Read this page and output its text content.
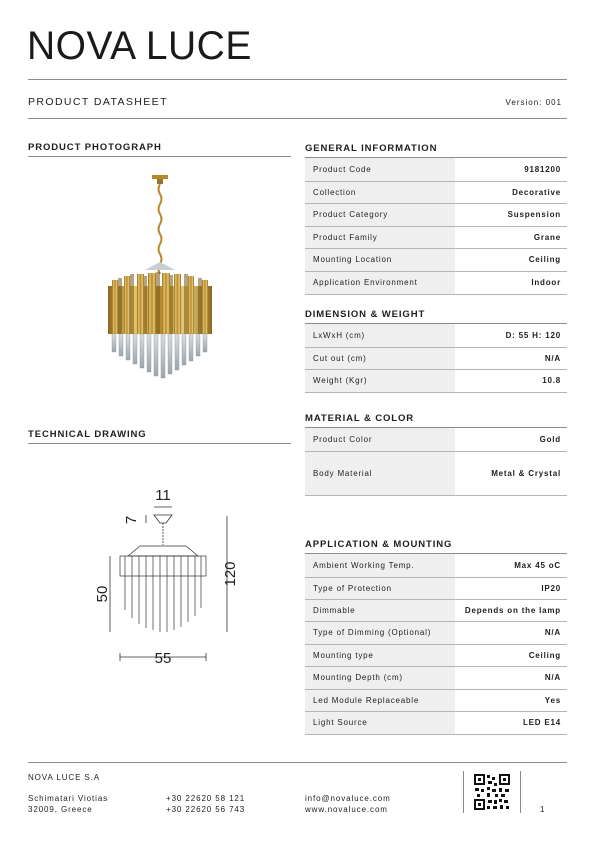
NOVA LUCE
PRODUCT DATASHEET	Version: 001
PRODUCT PHOTOGRAPH
TECHNICAL DRAWING
11
7
50
120
55
GENERAL INFORMATION
Product Code	9181200
Collection	Decorative
Product Category	Suspension
Product Family	Grane
Mounting Location	Ceiling
Application Environment	Indoor
DIMENSION & WEIGHT
LxWxH (cm)	D: 55 H: 120
Cut out (cm)	N/A
Weight (Kgr)	10.8
MATERIAL & COLOR
Product Color	Gold
Body Material	Metal & Crystal
APPLICATION & MOUNTING
Ambient Working Temp.	Max 45 oC
Type of Protection	IP20
Dimmable	Depends on the lamp
Type of Dimming (Optional)	N/A
Mounting type	Ceiling
Mounting Depth (cm)	N/A
Led Module Replaceable	Yes
Light Source	LED E14
NOVA LUCE S.A
Schimatari Viotias
32009, Greece
+30 22620 58 121
+30 22620 56 743
info@novaluce.com
www.novaluce.com	1
